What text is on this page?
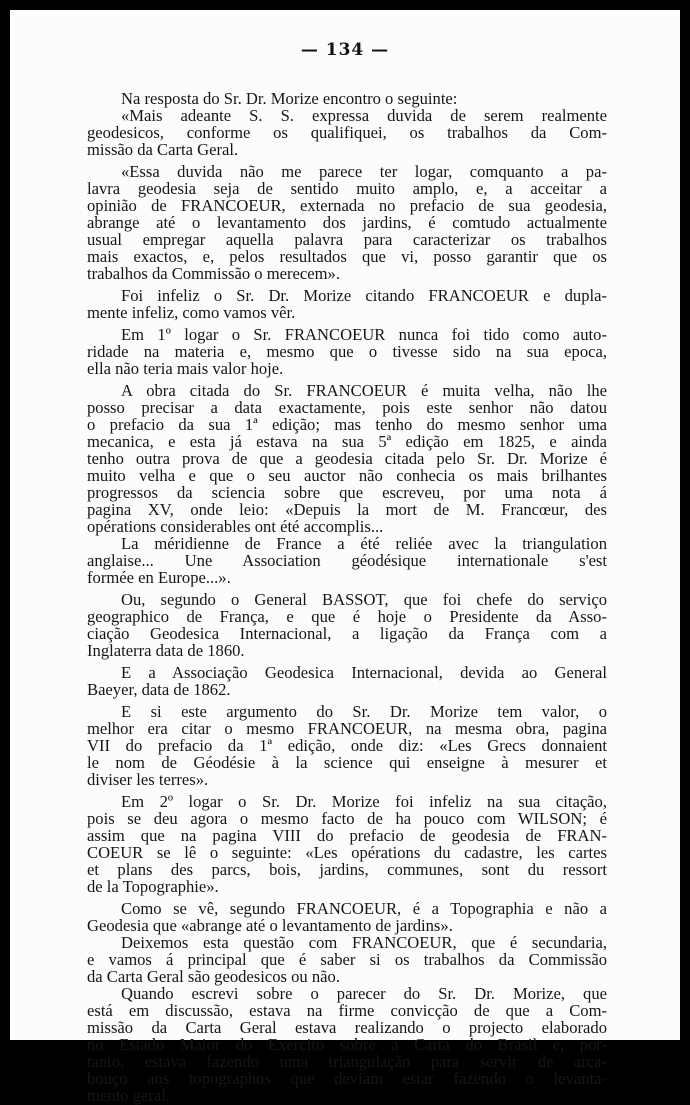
— 134 —
Na resposta do Sr. Dr. Morize encontro o seguinte:
«Mais adeante S. S. expressa duvida de serem realmente
geodesicos, conforme os qualifiquei, os trabalhos da Com-
missão da Carta Geral.
«Essa duvida não me parece ter logar, comquanto a pa-
lavra geodesia seja de sentido muito amplo, e, a acceitar a
opinião de FRANCOEUR, externada no prefacio de sua geodesia,
abrange até o levantamento dos jardins, é comtudo actualmente
usual empregar aquella palavra para caracterizar os trabalhos
mais exactos, e, pelos resultados que vi, posso garantir que os
trabalhos da Commissão o merecem».
Foi infeliz o Sr. Dr. Morize citando FRANCOEUR e dupla-
mente infeliz, como vamos vêr.
Em 1º logar o Sr. FRANCOEUR nunca foi tido como auto-
ridade na materia e, mesmo que o tivesse sido na sua epoca,
ella não teria mais valor hoje.
A obra citada do Sr. FRANCOEUR é muita velha, não lhe
posso precisar a data exactamente, pois este senhor não datou
o prefacio da sua 1ª edição; mas tenho do mesmo senhor uma
mecanica, e esta já estava na sua 5ª edição em 1825, e ainda
tenho outra prova de que a geodesia citada pelo Sr. Dr. Morize é
muito velha e que o seu auctor não conhecia os mais brilhantes
progressos da sciencia sobre que escreveu, por uma nota á
pagina XV, onde leio: «Depuis la mort de M. Francœur, des
opérations considerables ont été accomplis...
La méridienne de France a été reliée avec la triangulation
anglaise... Une Association géodésique internationale s'est
formée en Europe...».
Ou, segundo o General BASSOT, que foi chefe do serviço
geographico de França, e que é hoje o Presidente da Asso-
ciação Geodesica Internacional, a ligação da França com a
Inglaterra data de 1860.
E a Associação Geodesica Internacional, devida ao General
Baeyer, data de 1862.
E si este argumento do Sr. Dr. Morize tem valor, o
melhor era citar o mesmo FRANCOEUR, na mesma obra, pagina
VII do prefacio da 1ª edição, onde diz: «Les Grecs donnaient
le nom de Géodésie à la science qui enseigne à mesurer et
diviser les terres».
Em 2º logar o Sr. Dr. Morize foi infeliz na sua citação,
pois se deu agora o mesmo facto de ha pouco com WILSON; é
assim que na pagina VIII do prefacio de geodesia de FRAN-
COEUR se lê o seguinte: «Les opérations du cadastre, les cartes
et plans des parcs, bois, jardins, communes, sont du ressort
de la Topographie».
Como se vê, segundo FRANCOEUR, é a Topographia e não a
Geodesia que «abrange até o levantamento de jardins».
Deixemos esta questão com FRANCOEUR, que é secundaria,
e vamos á principal que é saber si os trabalhos da Commissão
da Carta Geral são geodesicos ou não.
Quando escrevi sobre o parecer do Sr. Dr. Morize, que
está em discussão, estava na firme convicção de que a Com-
missão da Carta Geral estava realizando o projecto elaborado
no Estado Maior do Exercito sobre a Carta do Brasil e, por-
tanto, estava fazendo uma triangulação para servir de arca-
bouço aos topographos que deviam estar fazendo o levanta-
mento geral.
